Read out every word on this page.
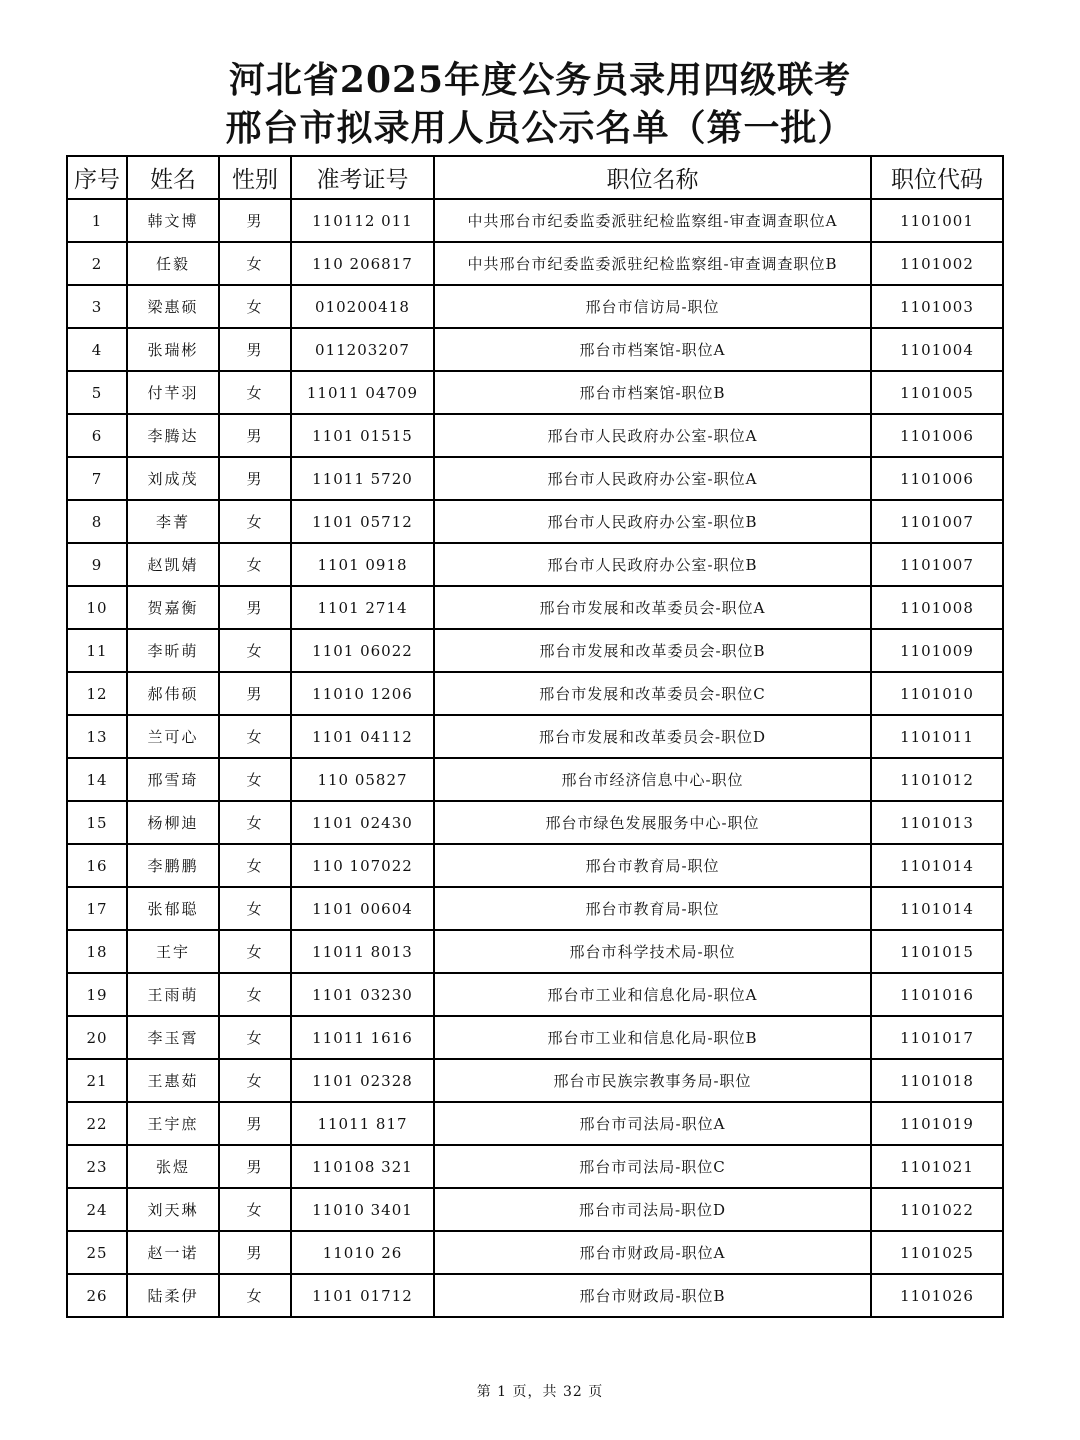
河北省2025年度公务员录用四级联考
邢台市拟录用人员公示名单（第一批）
序号	姓名	性别	准考证号	职位名称	职位代码
1	韩文博	男	110112 011	中共邢台市纪委监委派驻纪检监察组-审查调查职位A	1101001
2	任毅	女	110 206817	中共邢台市纪委监委派驻纪检监察组-审查调查职位B	1101002
3	梁惠硕	女	010200418	邢台市信访局-职位	1101003
4	张瑞彬	男	011203207	邢台市档案馆-职位A	1101004
5	付芊羽	女	11011 04709	邢台市档案馆-职位B	1101005
6	李腾达	男	1101 01515	邢台市人民政府办公室-职位A	1101006
7	刘成茂	男	11011 5720	邢台市人民政府办公室-职位A	1101006
8	李菁	女	1101 05712	邢台市人民政府办公室-职位B	1101007
9	赵凯婧	女	1101 0918	邢台市人民政府办公室-职位B	1101007
10	贺嘉衡	男	1101 2714	邢台市发展和改革委员会-职位A	1101008
11	李昕萌	女	1101 06022	邢台市发展和改革委员会-职位B	1101009
12	郝伟硕	男	11010 1206	邢台市发展和改革委员会-职位C	1101010
13	兰可心	女	1101 04112	邢台市发展和改革委员会-职位D	1101011
14	邢雪琦	女	110 05827	邢台市经济信息中心-职位	1101012
15	杨柳迪	女	1101 02430	邢台市绿色发展服务中心-职位	1101013
16	李鹏鹏	女	110 107022	邢台市教育局-职位	1101014
17	张郁聪	女	1101 00604	邢台市教育局-职位	1101014
18	王宇	女	11011 8013	邢台市科学技术局-职位	1101015
19	王雨萌	女	1101 03230	邢台市工业和信息化局-职位A	1101016
20	李玉霄	女	11011 1616	邢台市工业和信息化局-职位B	1101017
21	王惠茹	女	1101 02328	邢台市民族宗教事务局-职位	1101018
22	王宇庶	男	11011 817	邢台市司法局-职位A	1101019
23	张煜	男	110108 321	邢台市司法局-职位C	1101021
24	刘天琳	女	11010 3401	邢台市司法局-职位D	1101022
25	赵一诺	男	11010 26	邢台市财政局-职位A	1101025
26	陆柔伊	女	1101 01712	邢台市财政局-职位B	1101026
第 1 页，共 32 页
